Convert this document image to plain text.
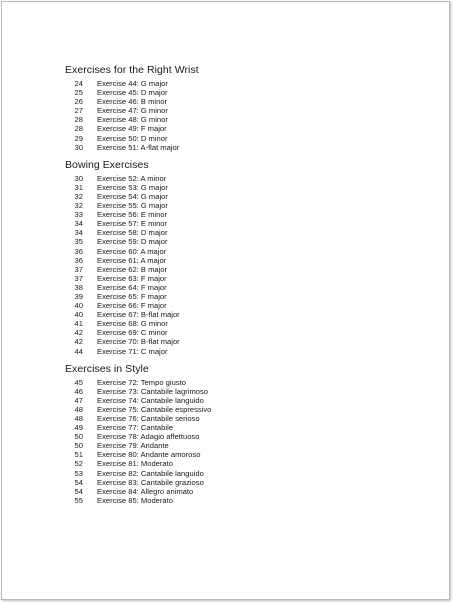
Exercises for the Right Wrist
24 Exercise 44: G major
25 Exercise 45: D major
26 Exercise 46: B minor
27 Exercise 47: G minor
28 Exercise 48: G minor
28 Exercise 49: F major
29 Exercise 50: D minor
30 Exercise 51: A-flat major
Bowing Exercises
30 Exercise 52: A minor
31 Exercise 53: G major
32 Exercise 54: G major
32 Exercise 55: G major
33 Exercise 56: E minor
34 Exercise 57: E minor
34 Exercise 58: D major
35 Exercise 59: D major
36 Exercise 60: A major
36 Exercise 61: A major
37 Exercise 62: B major
37 Exercise 63: F major
38 Exercise 64: F major
39 Exercise 65: F major
40 Exercise 66: F major
40 Exercise 67: B-flat major
41 Exercise 68: G minor
42 Exercise 69: C minor
42 Exercise 70: B-flat major
44 Exercise 71: C major
Exercises in Style
45 Exercise 72: Tempo giusto
46 Exercise 73: Cantabile lagrimoso
47 Exercise 74: Cantabile languido
48 Exercise 75: Cantabile espressivo
48 Exercise 76: Cantabile serioso
49 Exercise 77: Cantabile
50 Exercise 78: Adagio affettuoso
50 Exercise 79: Andante
51 Exercise 80: Andante amoroso
52 Exercise 81: Moderato
53 Exercise 82: Cantabile languido
54 Exercise 83: Cantabile grazioso
54 Exercise 84: Allegro animato
55 Exercise 85: Moderato
